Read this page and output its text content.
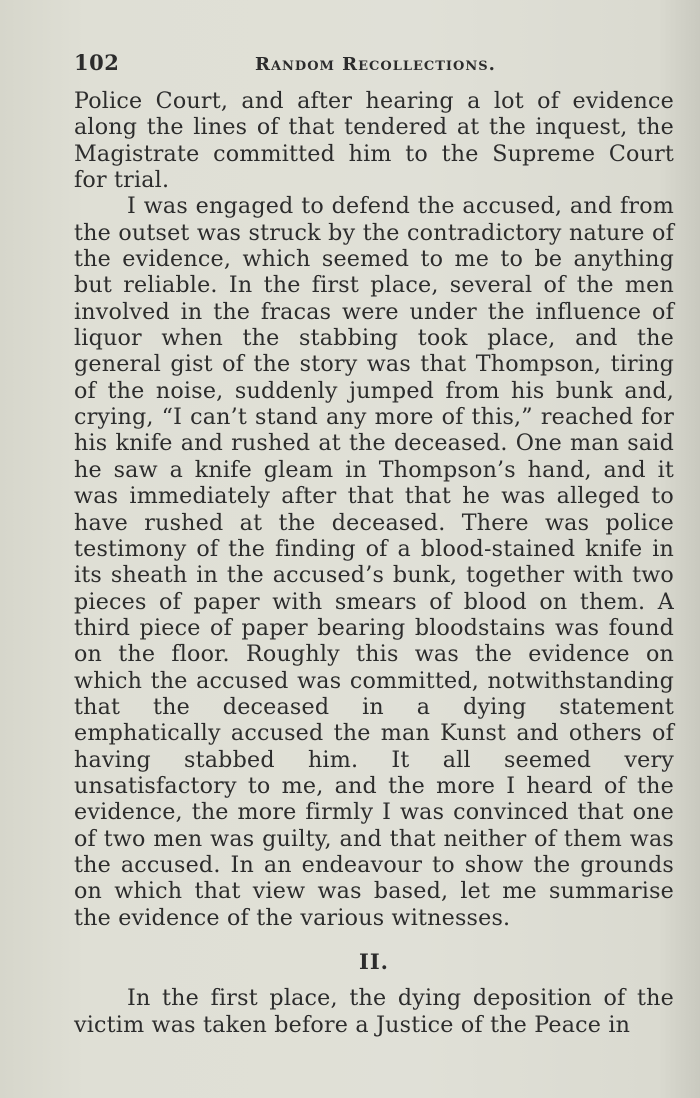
102	Random Recollections.

Police Court, and after hearing a lot of evidence along the lines of that tendered at the inquest, the Magistrate committed him to the Supreme Court for trial.

I was engaged to defend the accused, and from the outset was struck by the contradictory nature of the evidence, which seemed to me to be anything but reliable. In the first place, several of the men involved in the fracas were under the influence of liquor when the stabbing took place, and the general gist of the story was that Thompson, tiring of the noise, suddenly jumped from his bunk and, crying, “I can’t stand any more of this,” reached for his knife and rushed at the deceased. One man said he saw a knife gleam in Thompson’s hand, and it was immediately after that that he was alleged to have rushed at the deceased. There was police testimony of the finding of a blood-stained knife in its sheath in the accused’s bunk, together with two pieces of paper with smears of blood on them. A third piece of paper bearing bloodstains was found on the floor. Roughly this was the evidence on which the accused was committed, notwithstanding that the deceased in a dying statement emphatically accused the man Kunst and others of having stabbed him. It all seemed very unsatisfactory to me, and the more I heard of the evidence, the more firmly I was convinced that one of two men was guilty, and that neither of them was the accused. In an endeavour to show the grounds on which that view was based, let me summarise the evidence of the various witnesses.

II.

In the first place, the dying deposition of the victim was taken before a Justice of the Peace in
